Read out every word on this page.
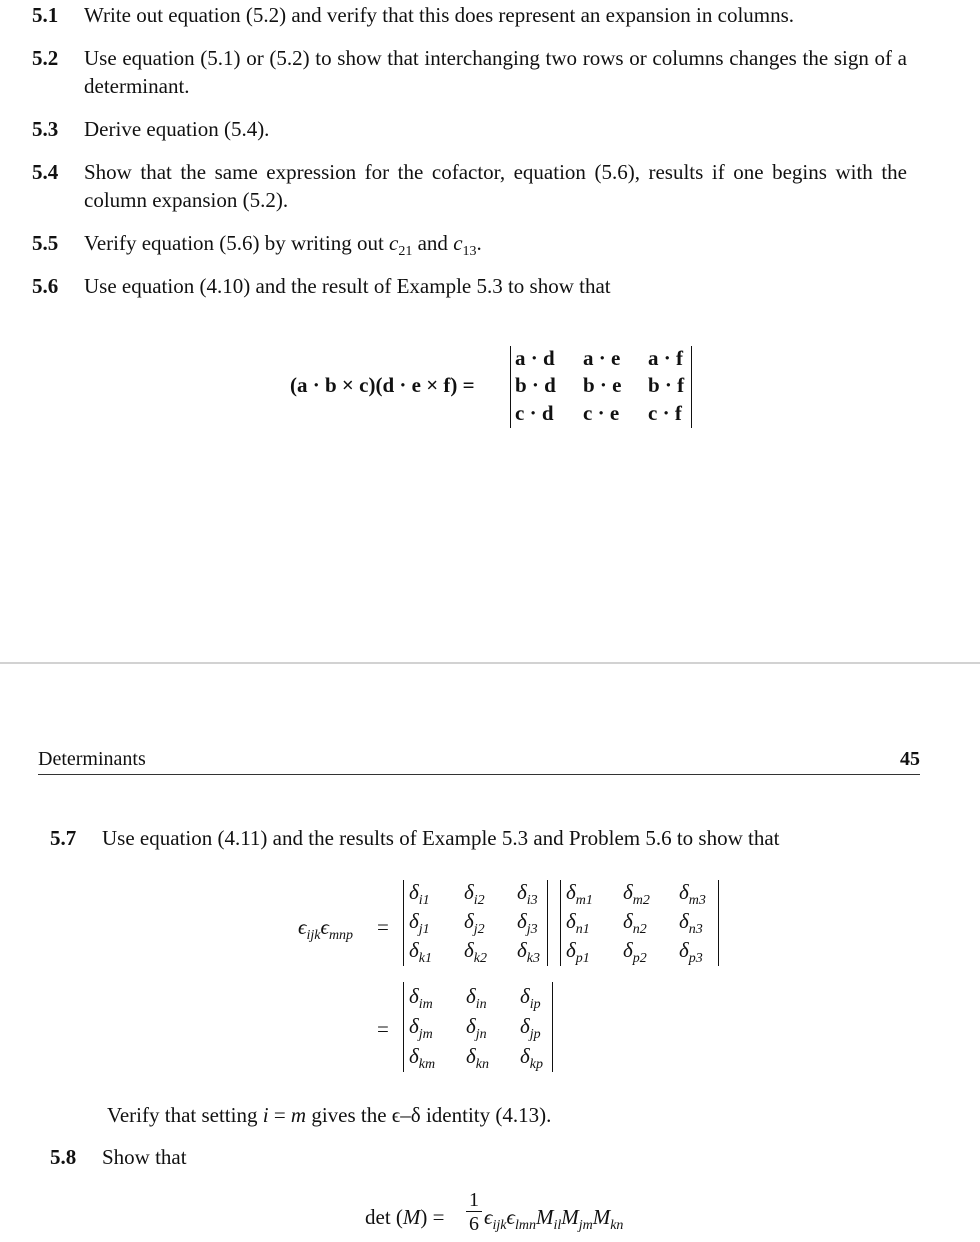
5.1 Write out equation (5.2) and verify that this does represent an expansion in columns.
5.2 Use equation (5.1) or (5.2) to show that interchanging two rows or columns changes the sign of a determinant.
5.3 Derive equation (5.4).
5.4 Show that the same expression for the cofactor, equation (5.6), results if one begins with the column expansion (5.2).
5.5 Verify equation (5.6) by writing out $c_{21}$ and $c_{13}$.
5.6 Use equation (4.10) and the result of Example 5.3 to show that
(a · b × c)(d · e × f) =
a · d a · e a · f
b · d b · e b · f
c · d c · e c · f
Determinants	45
5.7 Use equation (4.11) and the results of Example 5.3 and Problem 5.6 to show that
$\epsilon_{ijk}\epsilon_{mnp}$ =
$\delta_{i1}$ $\delta_{i2}$ $\delta_{i3}$
$\delta_{j1}$ $\delta_{j2}$ $\delta_{j3}$
$\delta_{k1}$ $\delta_{k2}$ $\delta_{k3}$
$\delta_{m1}$ $\delta_{m2}$ $\delta_{m3}$
$\delta_{n1}$ $\delta_{n2}$ $\delta_{n3}$
$\delta_{p1}$ $\delta_{p2}$ $\delta_{p3}$
=
$\delta_{im}$ $\delta_{in}$ $\delta_{ip}$
$\delta_{jm}$ $\delta_{jn}$ $\delta_{jp}$
$\delta_{km}$ $\delta_{kn}$ $\delta_{kp}$
Verify that setting i = m gives the ϵ–δ identity (4.13).
5.8 Show that
$\det (M) = \frac{1}{6} \epsilon_{ijk}\epsilon_{lmn}M_{il}M_{jm}M_{kn}$
